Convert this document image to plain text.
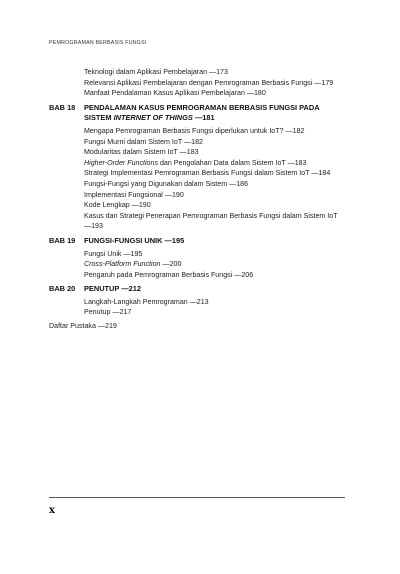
PEMROGRAMAN BERBASIS FUNGSI
Teknologi dalam Aplikasi Pembelajaran — 173
Relevansi Aplikasi Pembelajaran dengan Pemrograman Berbasis Fungsi — 179
Manfaat Pendalaman Kasus Aplikasi Pembelajaran — 180
BAB 18	PENDALAMAN KASUS PEMROGRAMAN BERBASIS FUNGSI PADA SISTEM INTERNET OF THINGS — 181
Mengapa Pemrograman Berbasis Fungsi diperlukan untuk IoT? — 182
Fungsi Murni dalam Sistem IoT — 182
Modularitas dalam Sistem IoT — 183
Higher-Order Functions dan Pengolahan Data dalam Sistem IoT — 183
Strategi Implementasi Pemrograman Berbasis Fungsi dalam Sistem IoT — 184
Fungsi-Fungsi yang Digunakan dalam Sistem — 186
Implementasi Fungsional — 190
Kode Lengkap — 190
Kasus dan Strategi Penerapan Pemrograman Berbasis Fungsi dalam Sistem IoT — 193
BAB 19	FUNGSI-FUNGSI UNIK — 195
Fungsi Unik — 195
Cross-Platform Function — 200
Pengaruh pada Pemrograman Berbasis Fungsi — 206
BAB 20	PENUTUP — 212
Langkah-Langkah Pemrograman — 213
Penutup — 217
Daftar Pustaka — 219
x
